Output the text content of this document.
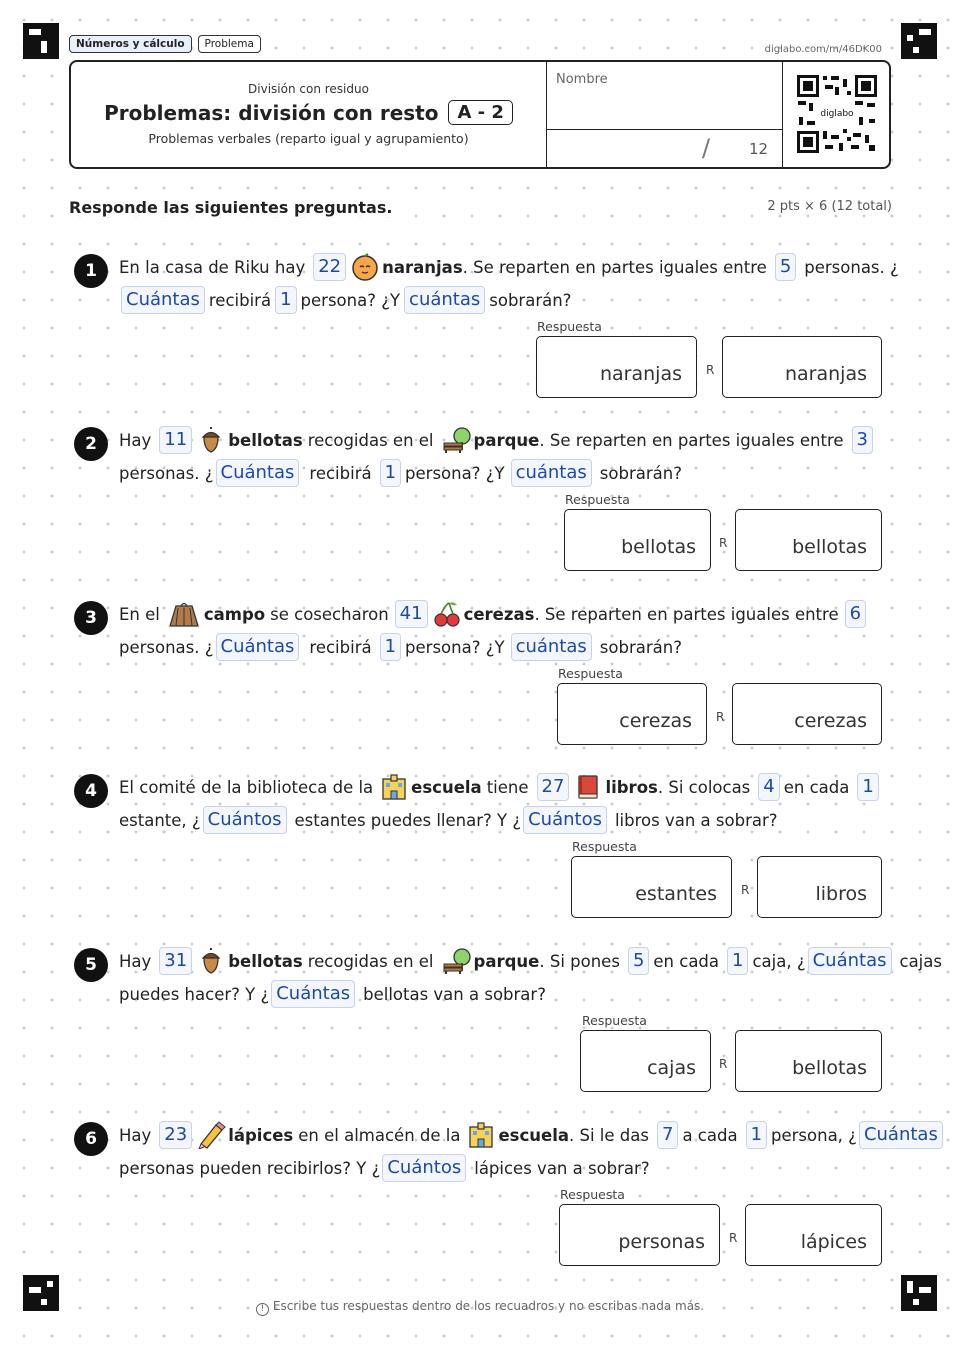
Números y cálculo	Problema	diglabo.com/m/46DK00
División con residuo
Problemas: división con resto	A - 2
Problemas verbales (reparto igual y agrupamiento)
Nombre
/	12
diglabo
Responde las siguientes preguntas.	2 pts × 6 (12 total)
1	En la casa de Riku hay 22	naranjas . Se reparten en partes iguales entre 5 personas. ¿
Cuántas recibirá 1 persona? ¿Y cuántas sobrarán?
Respuesta
naranjas	R	naranjas
2	Hay 11	bellotas recogidas en el parque . Se reparten en partes iguales entre 3
personas. ¿ Cuántas recibirá 1 persona? ¿Y cuántas sobrarán?
Respuesta
bellotas	R	bellotas
3	En el	campo se cosecharon 41	cerezas . Se reparten en partes iguales entre 6
personas. ¿ Cuántas recibirá 1 persona? ¿Y cuántas sobrarán?
Respuesta
cerezas	R	cerezas
4	El comité de la biblioteca de la escuela tiene 27	libros . Si colocas 4 en cada 1
estante, ¿ Cuántos estantes puedes llenar? Y ¿ Cuántos libros van a sobrar?
Respuesta
estantes	R	libros
5	Hay 31	bellotas recogidas en el parque . Si pones 5 en cada 1 caja, ¿ Cuántas cajas
puedes hacer? Y ¿ Cuántas bellotas van a sobrar?
Respuesta
cajas	R	bellotas
6	Hay 23	lápices en el almacén de la escuela . Si le das 7 a cada 1 persona, ¿ Cuántas
personas pueden recibirlos? Y ¿ Cuántos lápices van a sobrar?
Respuesta
personas	R	lápices
! Escribe tus respuestas dentro de los recuadros y no escribas nada más.
